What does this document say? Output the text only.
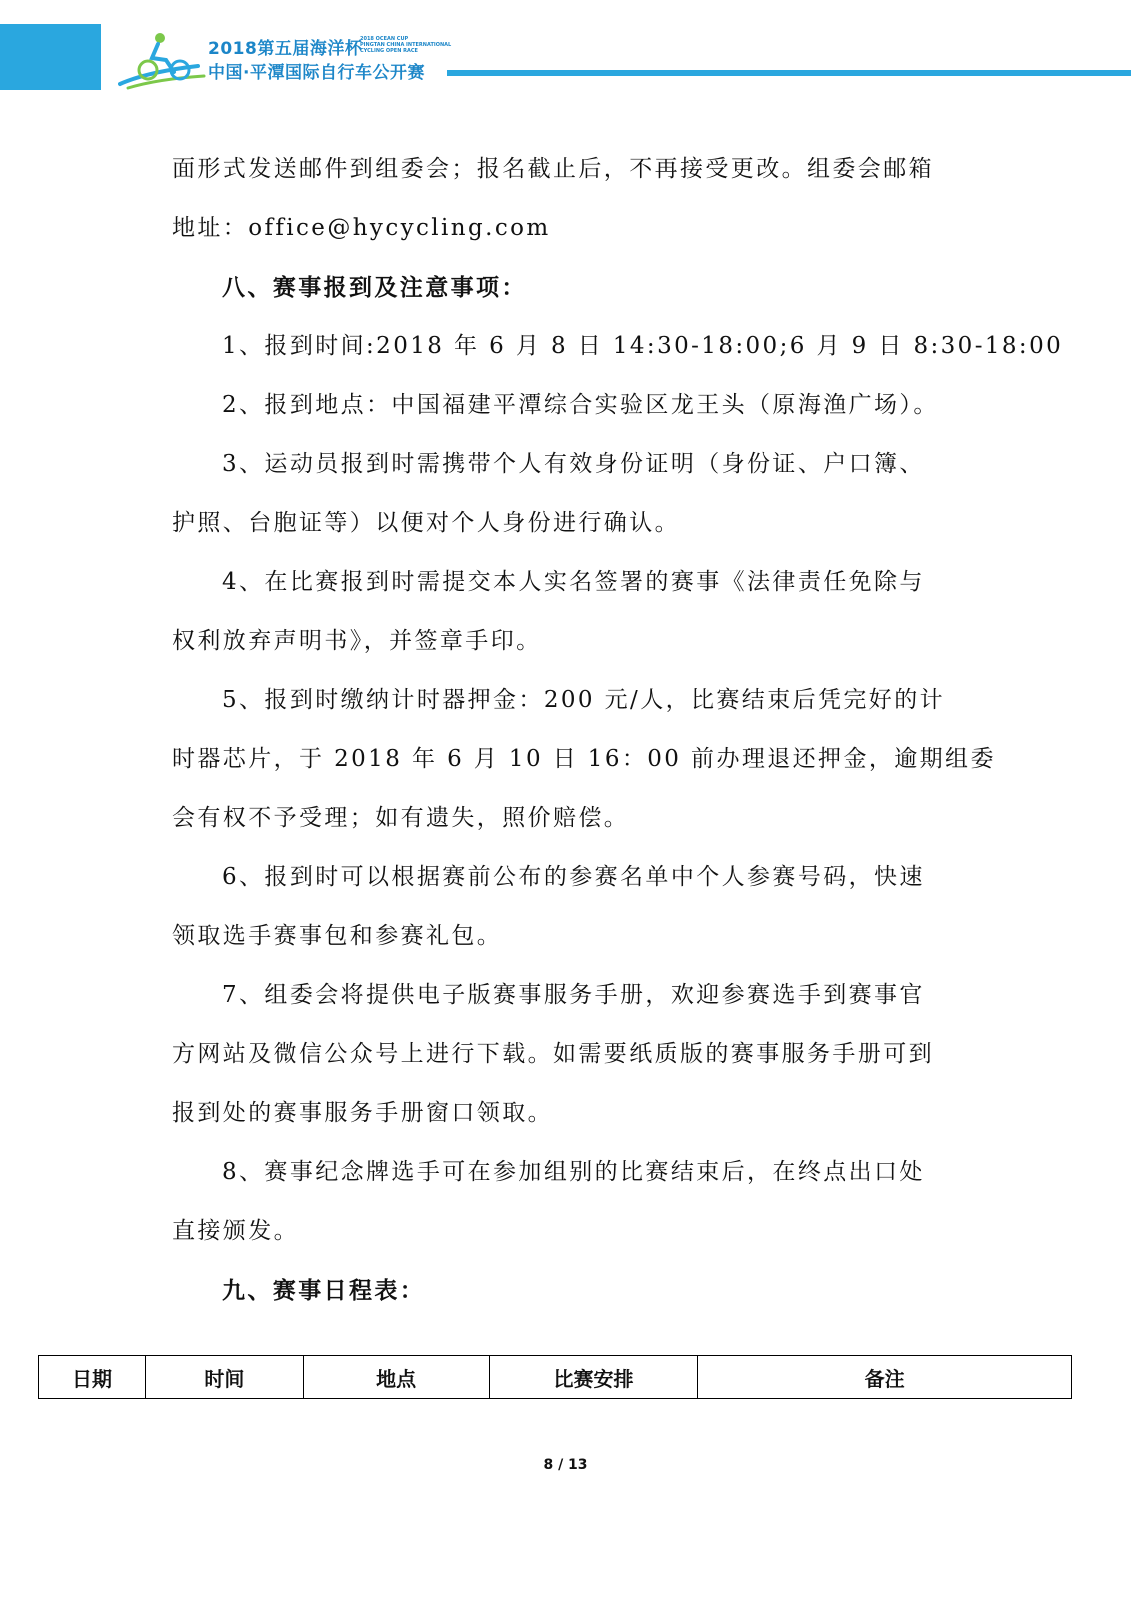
2018第五届海洋杯
2018 OCEAN CUP
PINGTAN CHINA INTERNATIONAL
CYCLING OPEN RACE
中国·平潭国际自行车公开赛

面形式发送邮件到组委会；报名截止后，不再接受更改。组委会邮箱

地址：office@hycycling.com

八、赛事报到及注意事项：

1、报到时间:2018 年 6 月 8 日 14:30-18:00;6 月 9 日 8:30-18:00

2、报到地点：中国福建平潭综合实验区龙王头（原海渔广场）。

3、运动员报到时需携带个人有效身份证明（身份证、户口簿、

护照、台胞证等）以便对个人身份进行确认。

4、在比赛报到时需提交本人实名签署的赛事《法律责任免除与

权利放弃声明书》，并签章手印。

5、报到时缴纳计时器押金：200 元/人，比赛结束后凭完好的计

时器芯片，于 2018 年 6 月 10 日 16：00 前办理退还押金，逾期组委

会有权不予受理；如有遗失，照价赔偿。

6、报到时可以根据赛前公布的参赛名单中个人参赛号码，快速

领取选手赛事包和参赛礼包。

7、组委会将提供电子版赛事服务手册，欢迎参赛选手到赛事官

方网站及微信公众号上进行下载。如需要纸质版的赛事服务手册可到

报到处的赛事服务手册窗口领取。

8、赛事纪念牌选手可在参加组别的比赛结束后，在终点出口处

直接颁发。

九、赛事日程表：

日期	时间	地点	比赛安排	备注
8 / 13
